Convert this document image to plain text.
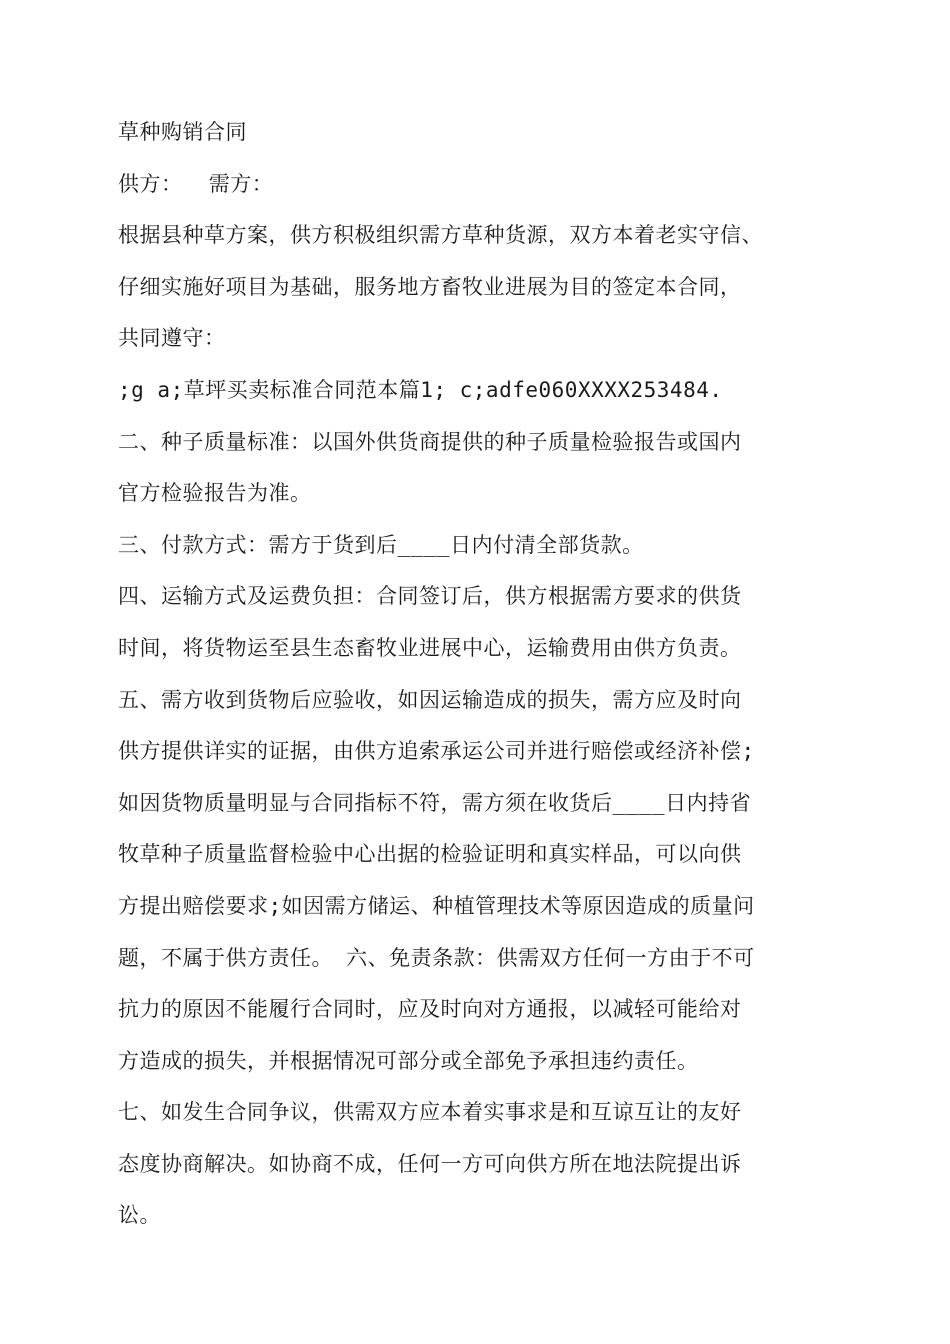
草种购销合同
供方：  需方：
根据县种草方案，供方积极组织需方草种货源，双方本着老实守信、
仔细实施好项目为基础，服务地方畜牧业进展为目的签定本合同，
共同遵守：
;g a;草坪买卖标准合同范本篇1; c;adfe060XXXX253484.
二、种子质量标准：以国外供货商提供的种子质量检验报告或国内
官方检验报告为准。
三、付款方式：需方于货到后____日内付清全部货款。
四、运输方式及运费负担：合同签订后，供方根据需方要求的供货
时间，将货物运至县生态畜牧业进展中心，运输费用由供方负责。
五、需方收到货物后应验收，如因运输造成的损失，需方应及时向
供方提供详实的证据，由供方追索承运公司并进行赔偿或经济补偿;
如因货物质量明显与合同指标不符，需方须在收货后____日内持省
牧草种子质量监督检验中心出据的检验证明和真实样品，可以向供
方提出赔偿要求;如因需方储运、种植管理技术等原因造成的质量问
题，不属于供方责任。 六、免责条款：供需双方任何一方由于不可
抗力的原因不能履行合同时，应及时向对方通报，以减轻可能给对
方造成的损失，并根据情况可部分或全部免予承担违约责任。
七、如发生合同争议，供需双方应本着实事求是和互谅互让的友好
态度协商解决。如协商不成，任何一方可向供方所在地法院提出诉
讼。
